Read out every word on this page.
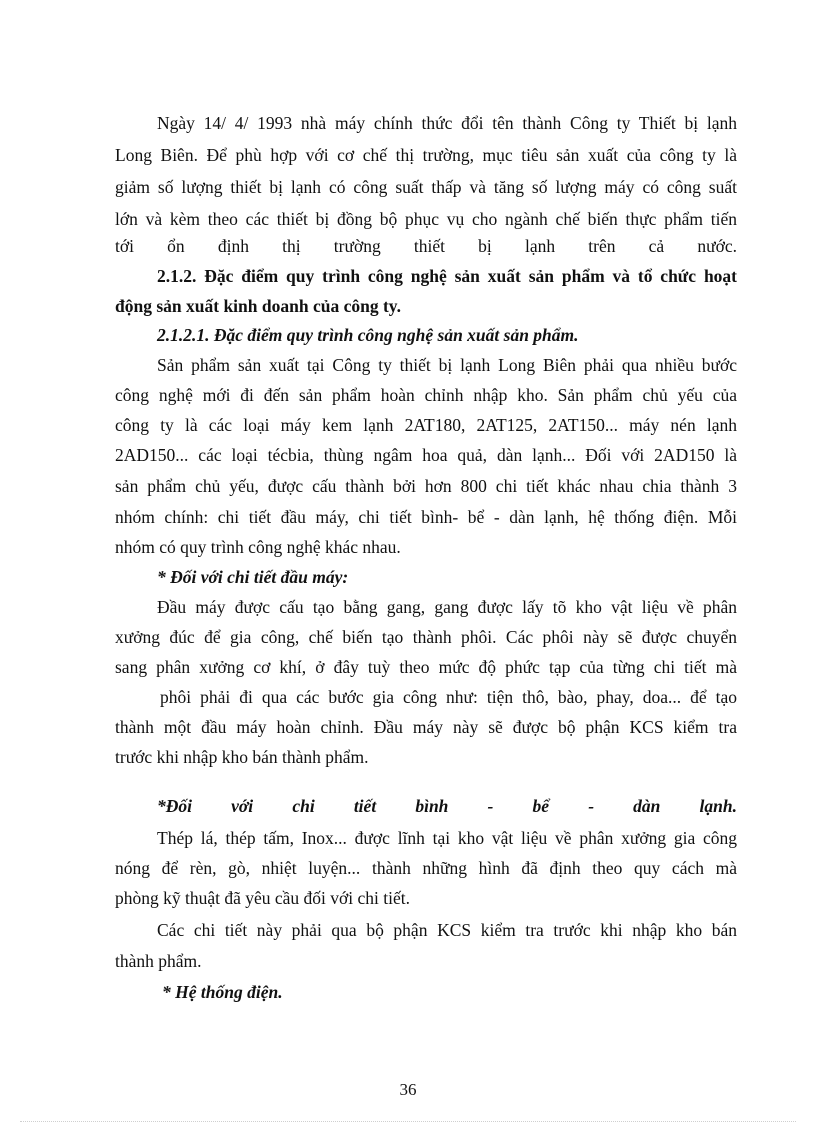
Ngày 14/ 4/ 1993 nhà máy chính thức đổi tên thành Công ty Thiết bị lạnh
Long Biên. Để phù hợp với cơ chế thị trường, mục tiêu sản xuất của công ty là
giảm số lượng thiết bị lạnh có công suất thấp và tăng số lượng máy có công suất
lớn và kèm theo các thiết bị đồng bộ phục vụ cho ngành chế biến thực phẩm tiến
tới ổn định thị trường thiết bị lạnh trên cả nước.
2.1.2. Đặc điểm quy trình công nghệ sản xuất sản phẩm và tổ chức hoạt
động sản xuất kinh doanh của công ty.
2.1.2.1. Đặc điểm quy trình công nghệ sản xuất sản phẩm.
Sản phẩm sản xuất tại Công ty thiết bị lạnh Long Biên phải qua nhiều bước
công nghệ mới đi đến sản phẩm hoàn chỉnh nhập kho. Sản phẩm chủ yếu của
công ty là các loại máy kem lạnh 2AT180, 2AT125, 2AT150... máy nén lạnh
2AD150... các loại técbia, thùng ngâm hoa quả, dàn lạnh... Đối với 2AD150 là
sản phẩm chủ yếu, được cấu thành bởi hơn 800 chi tiết khác nhau chia thành 3
nhóm chính: chi tiết đầu máy, chi tiết bình- bể - dàn lạnh, hệ thống điện. Mỗi
nhóm có quy trình công nghệ khác nhau.
* Đối với chi tiết đầu máy:
Đầu máy được cấu tạo bằng gang, gang được lấy tõ kho vật liệu về phân
xưởng đúc để gia công, chế biến tạo thành phôi. Các phôi này sẽ được chuyển
sang phân xưởng cơ khí, ở đây tuỳ theo mức độ phức tạp của từng chi tiết mà
phôi phải đi qua các bước gia công như: tiện thô, bào, phay, doa... để tạo
thành một đầu máy hoàn chỉnh. Đầu máy này sẽ được bộ phận KCS kiểm tra
trước khi nhập kho bán thành phẩm.
*Đối với chi tiết bình - bể - dàn lạnh.
Thép lá, thép tấm, Inox... được lĩnh tại kho vật liệu về phân xưởng gia công
nóng để rèn, gò, nhiệt luyện... thành những hình đã định theo quy cách mà
phòng kỹ thuật đã yêu cầu đối với chi tiết.
Các chi tiết này phải qua bộ phận KCS kiểm tra trước khi nhập kho bán
thành phẩm.
* Hệ thống điện.
36
